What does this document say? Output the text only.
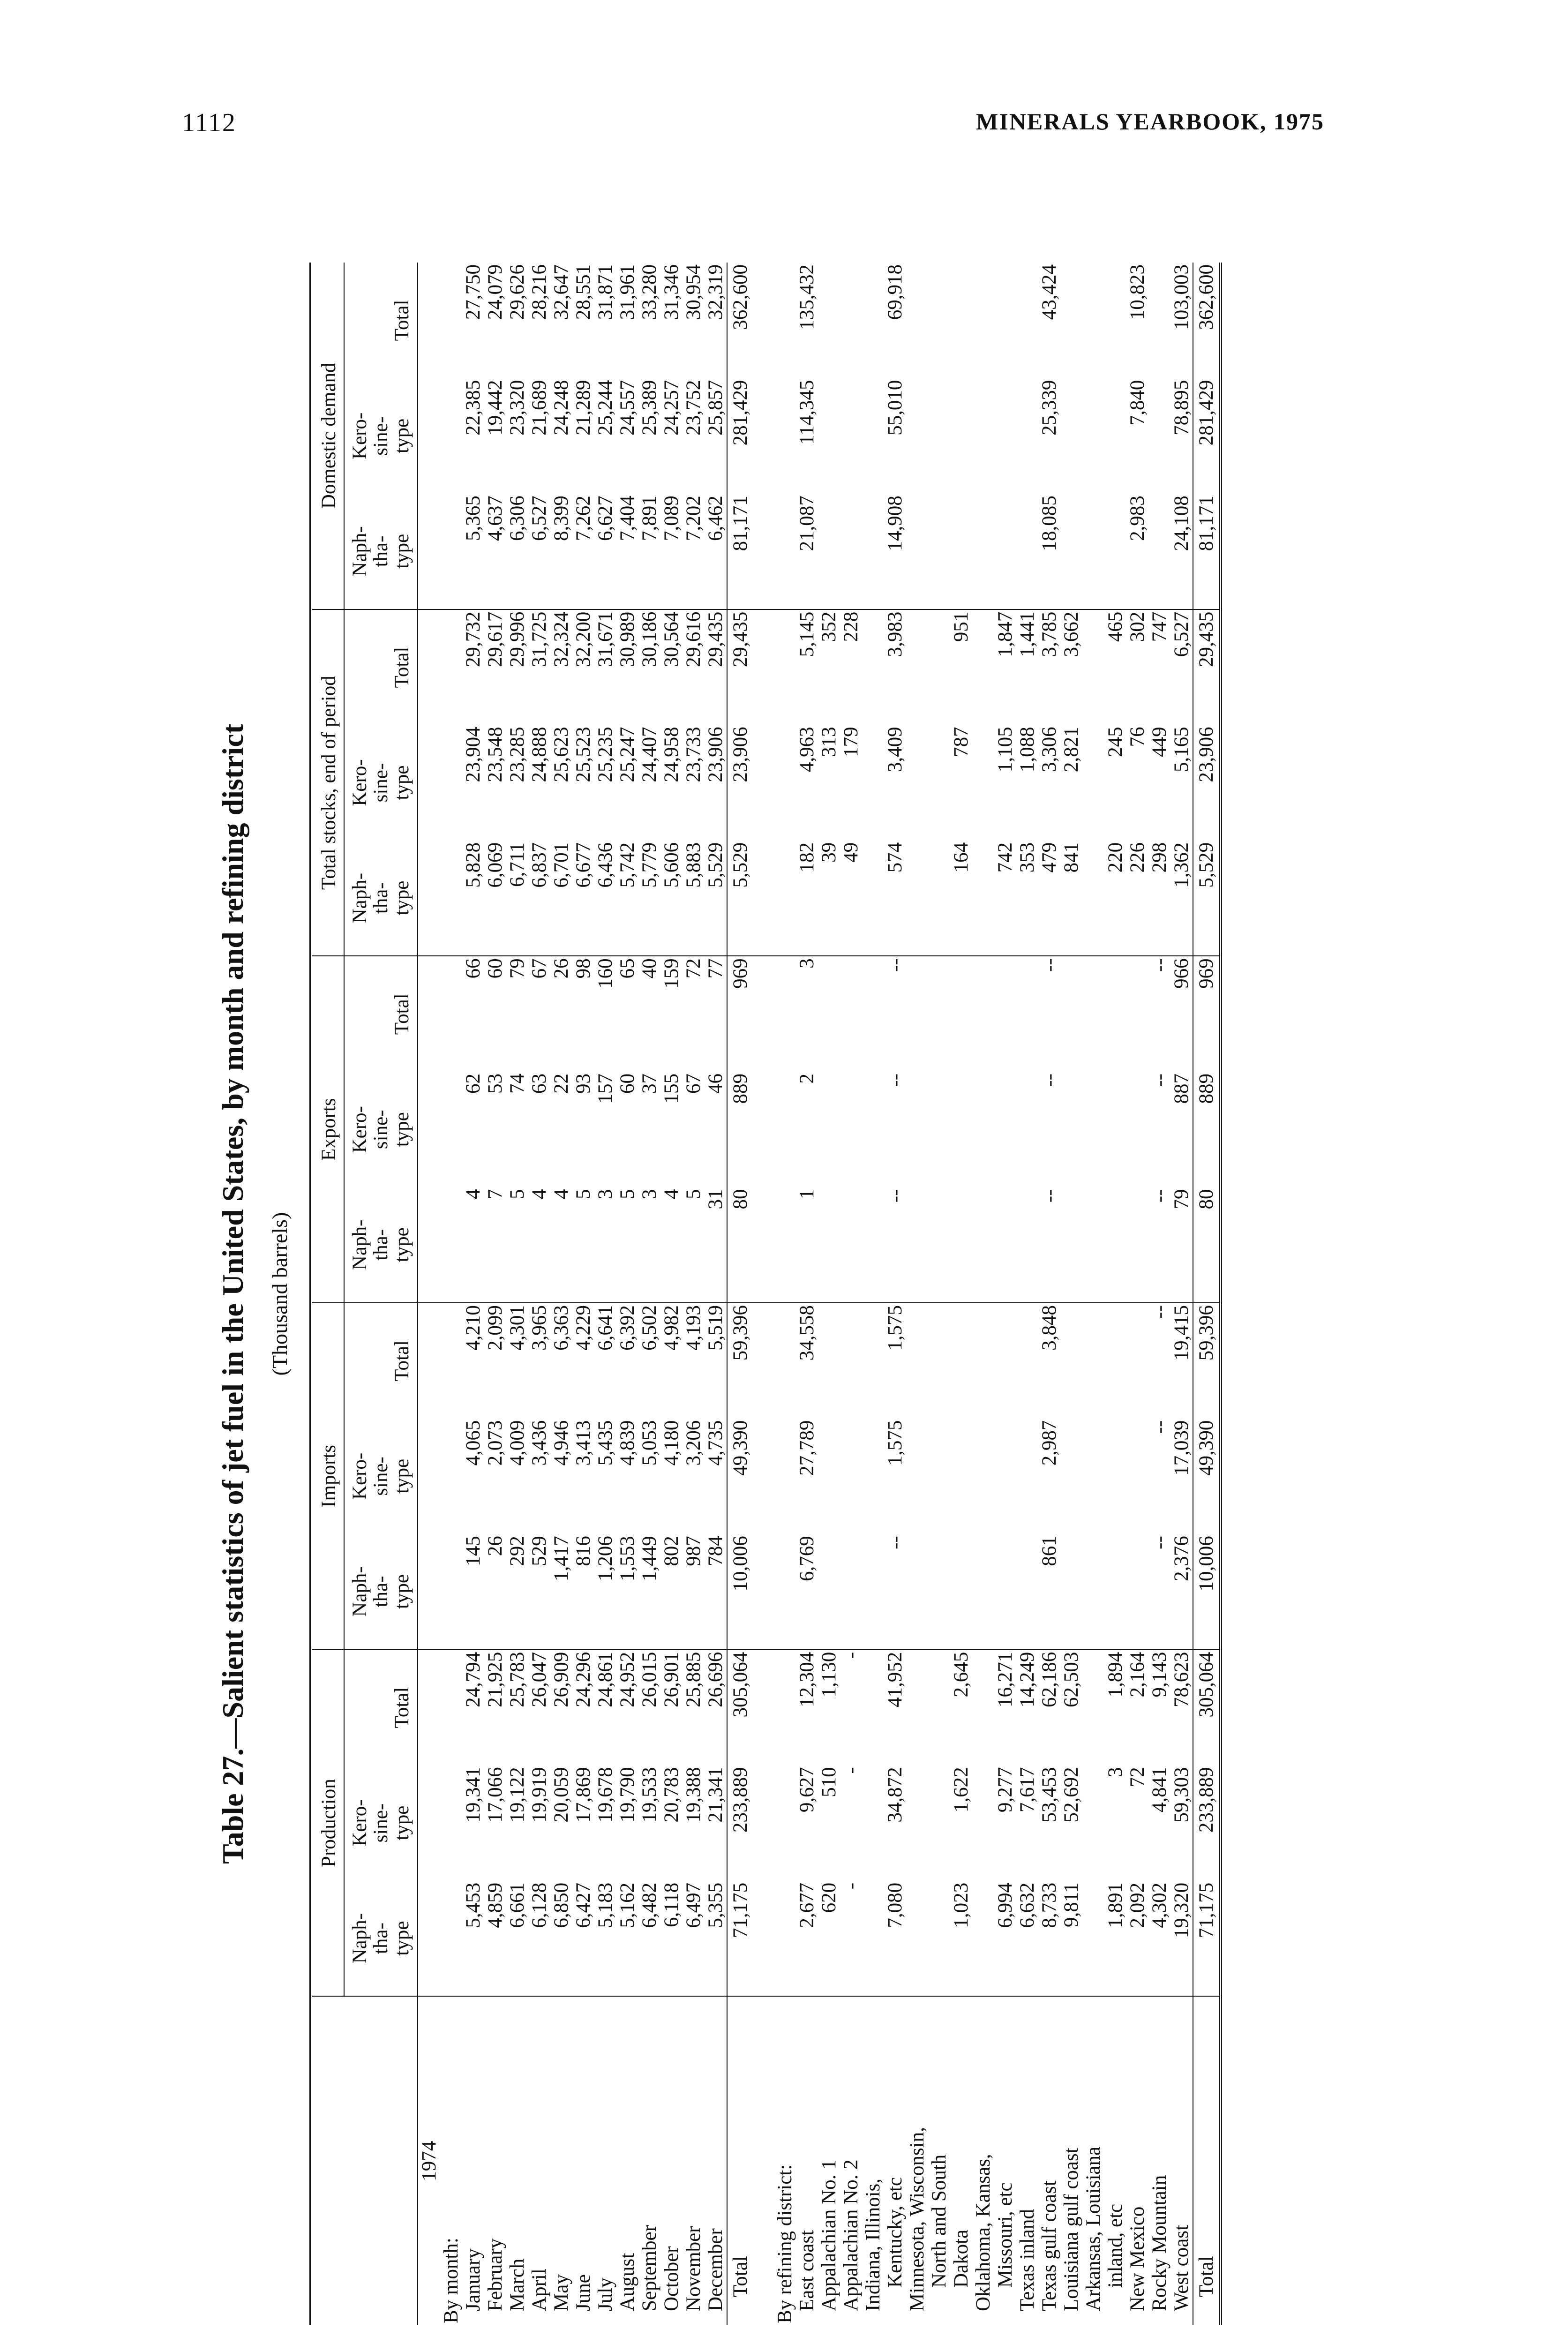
1112	MINERALS YEARBOOK, 1975
Table 27.—Salient statistics of jet fuel in the United States, by month and refining district (Thousand barrels)
	Production			Imports			Exports			Total stocks, end of period			Domestic demand		
	Naph-
tha-
type	Kero-
sine-
type	Total	Naph-
tha-
type	Kero-
sine-
type	Total	Naph-
tha-
type	Kero-
sine-
type	Total	Naph-
tha-
type	Kero-
sine-
type	Total	Naph-
tha-
type	Kero-
sine-
type	Total
1974															
By month:															
January	5,453	19,341	24,794	145	4,065	4,210	4	62	66	5,828	23,904	29,732	5,365	22,385	27,750
February	4,859	17,066	21,925	26	2,073	2,099	7	53	60	6,069	23,548	29,617	4,637	19,442	24,079
March	6,661	19,122	25,783	292	4,009	4,301	5	74	79	6,711	23,285	29,996	6,306	23,320	29,626
April	6,128	19,919	26,047	529	3,436	3,965	4	63	67	6,837	24,888	31,725	6,527	21,689	28,216
May	6,850	20,059	26,909	1,417	4,946	6,363	4	22	26	6,701	25,623	32,324	8,399	24,248	32,647
June	6,427	17,869	24,296	816	3,413	4,229	5	93	98	6,677	25,523	32,200	7,262	21,289	28,551
July	5,183	19,678	24,861	1,206	5,435	6,641	3	157	160	6,436	25,235	31,671	6,627	25,244	31,871
August	5,162	19,790	24,952	1,553	4,839	6,392	5	60	65	5,742	25,247	30,989	7,404	24,557	31,961
September	6,482	19,533	26,015	1,449	5,053	6,502	3	37	40	5,779	24,407	30,186	7,891	25,389	33,280
October	6,118	20,783	26,901	802	4,180	4,982	4	155	159	5,606	24,958	30,564	7,089	24,257	31,346
November	6,497	19,388	25,885	987	3,206	4,193	5	67	72	5,883	23,733	29,616	7,202	23,752	30,954
December	5,355	21,341	26,696	784	4,735	5,519	31	46	77	5,529	23,906	29,435	6,462	25,857	32,319
Total	71,175	233,889	305,064	10,006	49,390	59,396	80	889	969	5,529	23,906	29,435	81,171	281,429	362,600

By refining district:															
East coast	2,677	9,627	12,304	6,769	27,789	34,558	1	2	3	182	4,963	5,145	21,087	114,345	135,432
Appalachian No. 1	620	510	1,130							39	313	352			
Appalachian No. 2	-	-	-							49	179	228			
Indiana, Illinois,															
Kentucky, etc	7,080	34,872	41,952	--	1,575	1,575	--	--	--	574	3,409	3,983	14,908	55,010	69,918
Minnesota, Wisconsin,															
North and South															
Dakota	1,023	1,622	2,645							164	787	951			
Oklahoma, Kansas,															
Missouri, etc	6,994	9,277	16,271							742	1,105	1,847			
Texas inland	6,632	7,617	14,249							353	1,088	1,441			
Texas gulf coast	8,733	53,453	62,186	861	2,987	3,848	--	--	--	479	3,306	3,785	18,085	25,339	43,424
Louisiana gulf coast	9,811	52,692	62,503							841	2,821	3,662			
Arkansas, Louisiana															
inland, etc	1,891	3	1,894							220	245	465			
New Mexico	2,092	72	2,164							226	76	302	2,983	7,840	10,823
Rocky Mountain	4,302	4,841	9,143	--	--	--	--	--	--	298	449	747			
West coast	19,320	59,303	78,623	2,376	17,039	19,415	79	887	966	1,362	5,165	6,527	24,108	78,895	103,003
Total	71,175	233,889	305,064	10,006	49,390	59,396	80	889	969	5,529	23,906	29,435	81,171	281,429	362,600
